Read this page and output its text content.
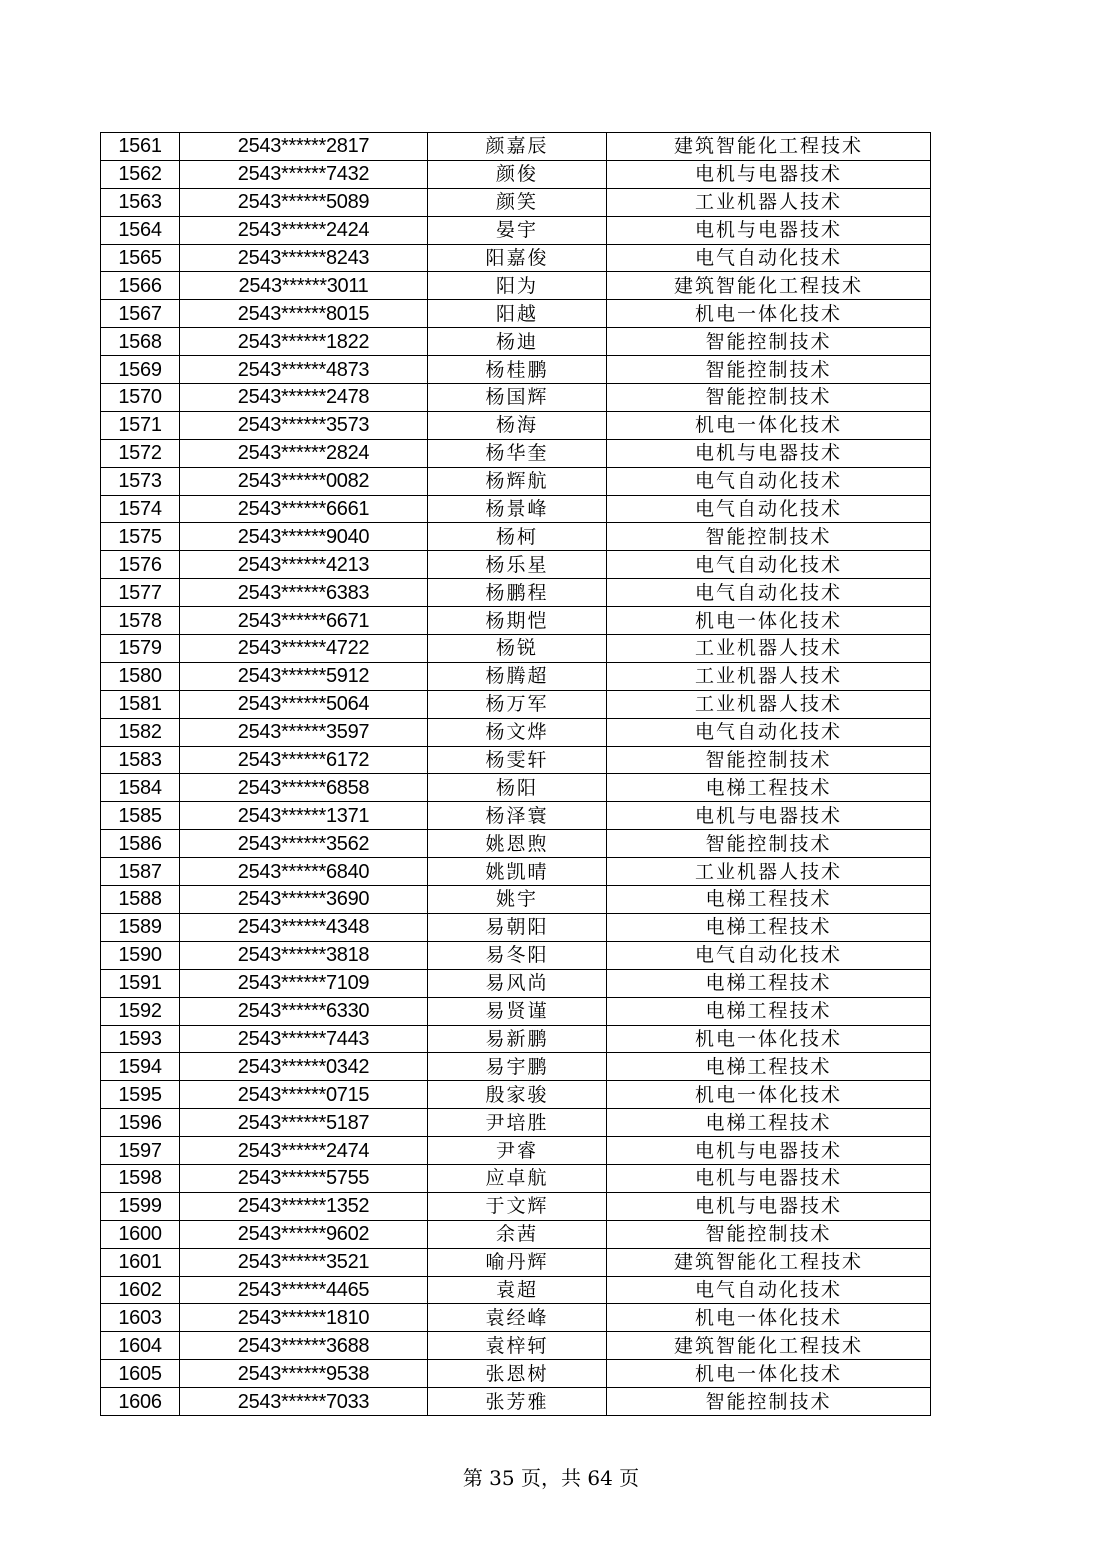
1561	2543******2817	颜嘉辰	建筑智能化工程技术
1562	2543******7432	颜俊	电机与电器技术
1563	2543******5089	颜笑	工业机器人技术
1564	2543******2424	晏宇	电机与电器技术
1565	2543******8243	阳嘉俊	电气自动化技术
1566	2543******3011	阳为	建筑智能化工程技术
1567	2543******8015	阳越	机电一体化技术
1568	2543******1822	杨迪	智能控制技术
1569	2543******4873	杨桂鹏	智能控制技术
1570	2543******2478	杨国辉	智能控制技术
1571	2543******3573	杨海	机电一体化技术
1572	2543******2824	杨华奎	电机与电器技术
1573	2543******0082	杨辉航	电气自动化技术
1574	2543******6661	杨景峰	电气自动化技术
1575	2543******9040	杨柯	智能控制技术
1576	2543******4213	杨乐星	电气自动化技术
1577	2543******6383	杨鹏程	电气自动化技术
1578	2543******6671	杨期恺	机电一体化技术
1579	2543******4722	杨锐	工业机器人技术
1580	2543******5912	杨腾超	工业机器人技术
1581	2543******5064	杨万军	工业机器人技术
1582	2543******3597	杨文烨	电气自动化技术
1583	2543******6172	杨雯轩	智能控制技术
1584	2543******6858	杨阳	电梯工程技术
1585	2543******1371	杨泽寰	电机与电器技术
1586	2543******3562	姚恩煦	智能控制技术
1587	2543******6840	姚凯晴	工业机器人技术
1588	2543******3690	姚宇	电梯工程技术
1589	2543******4348	易朝阳	电梯工程技术
1590	2543******3818	易冬阳	电气自动化技术
1591	2543******7109	易风尚	电梯工程技术
1592	2543******6330	易贤谨	电梯工程技术
1593	2543******7443	易新鹏	机电一体化技术
1594	2543******0342	易宇鹏	电梯工程技术
1595	2543******0715	殷家骏	机电一体化技术
1596	2543******5187	尹培胜	电梯工程技术
1597	2543******2474	尹睿	电机与电器技术
1598	2543******5755	应卓航	电机与电器技术
1599	2543******1352	于文辉	电机与电器技术
1600	2543******9602	余茜	智能控制技术
1601	2543******3521	喻丹辉	建筑智能化工程技术
1602	2543******4465	袁超	电气自动化技术
1603	2543******1810	袁经峰	机电一体化技术
1604	2543******3688	袁梓轲	建筑智能化工程技术
1605	2543******9538	张恩树	机电一体化技术
1606	2543******7033	张芳雅	智能控制技术
第 35 页，共 64 页
